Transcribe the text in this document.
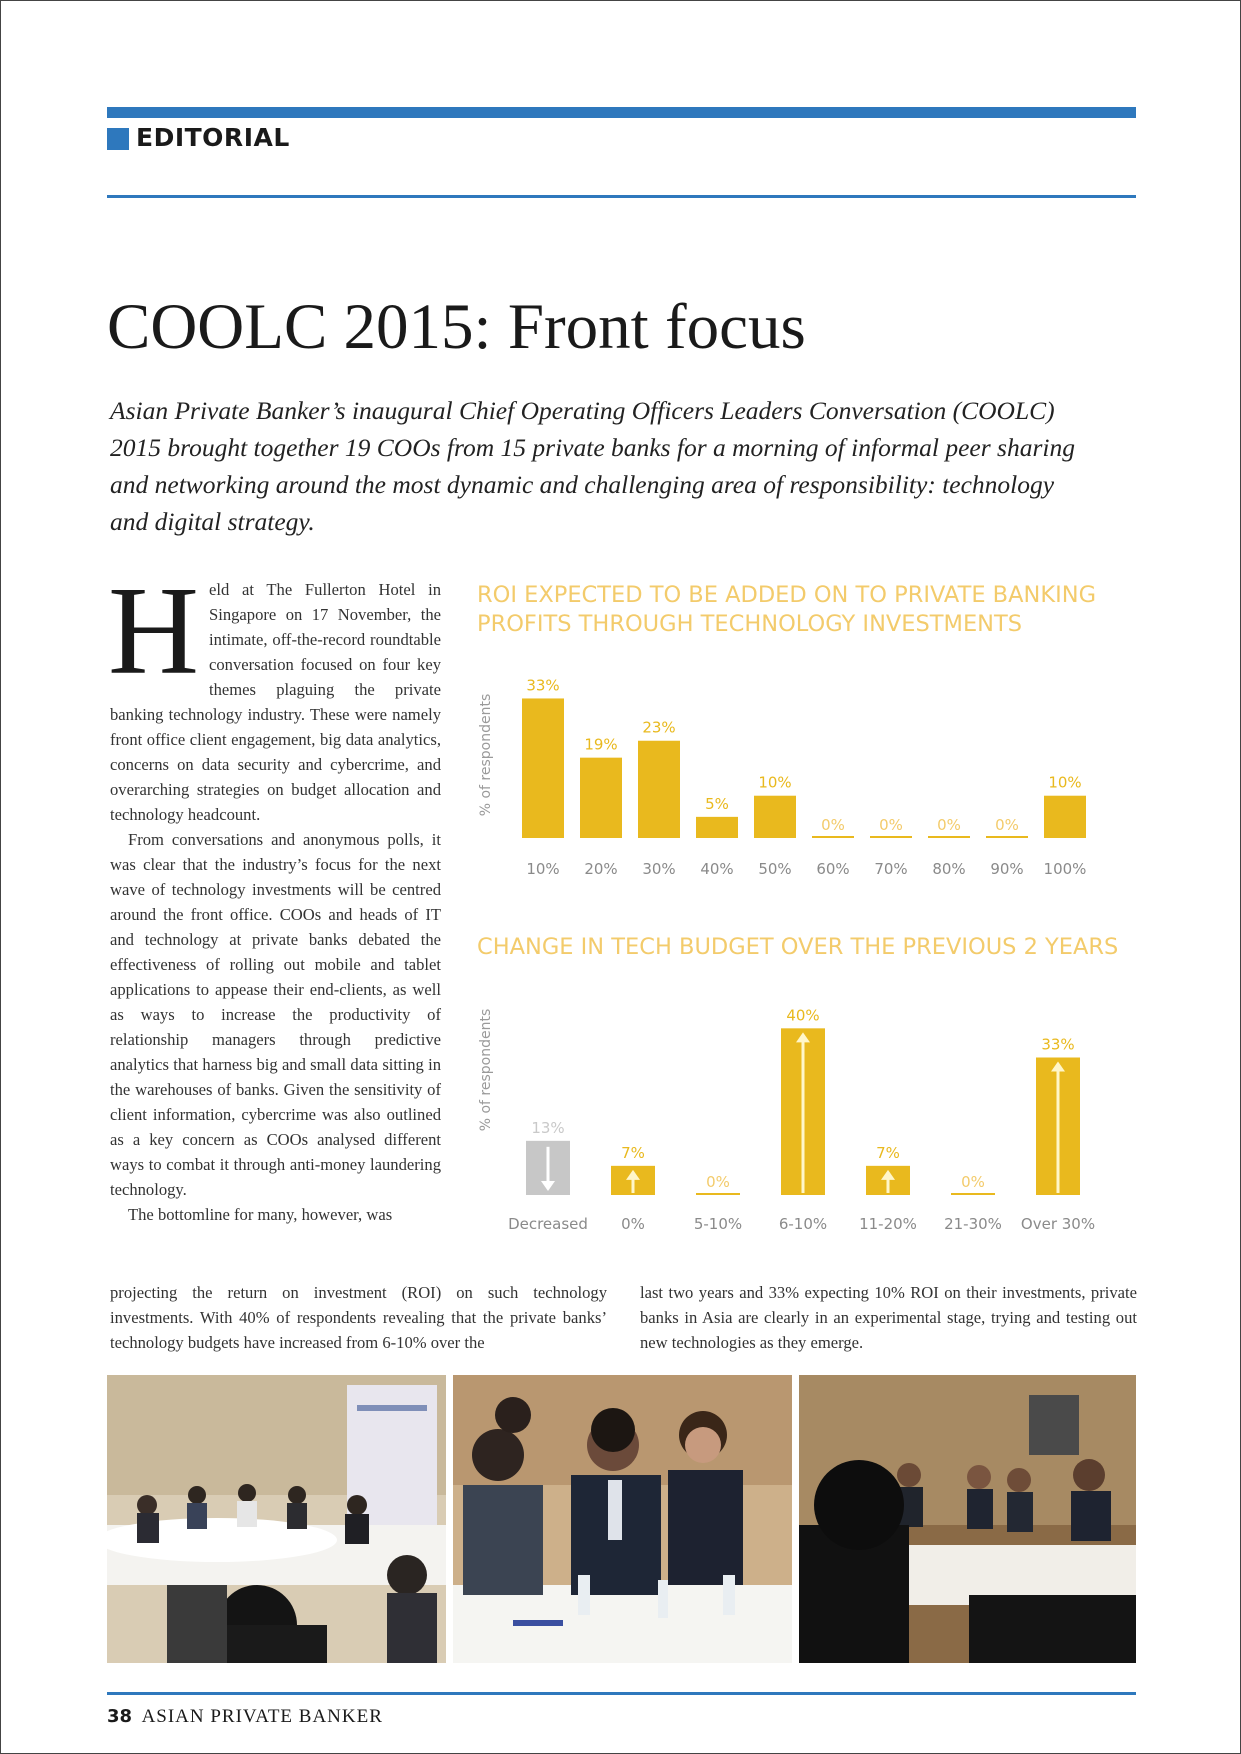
EDITORIAL
COOLC 2015: Front focus
Asian Private Banker’s inaugural Chief Operating Officers Leaders Conversation (COOLC) 2015 brought together 19 COOs from 15 private banks for a morning of informal peer sharing and networking around the most dynamic and challenging area of responsibility: technology and digital strategy.

Held at The Fullerton Hotel in Singapore on 17 November, the intimate, off-the-record roundtable conversation focused on four key themes plaguing the private banking technology industry. These were namely front office client engagement, big data analytics, concerns on data security and cybercrime, and overarching strategies on budget allocation and technology headcount.

From conversations and anonymous polls, it was clear that the industry’s focus for the next wave of technology investments will be centred around the front office. COOs and heads of IT and technology at private banks debated the effectiveness of rolling out mobile and tablet applications to appease their end-clients, as well as ways to increase the productivity of relationship managers through predictive analytics that harness big and small data sitting in the warehouses of banks. Given the sensitivity of client information, cybercrime was also outlined as a key concern as COOs analysed different ways to combat it through anti-money laundering technology.

The bottomline for many, however, was

projecting the return on investment (ROI) on such technology investments. With 40% of respondents revealing that the private banks’ technology budgets have increased from 6-10% over the

last two years and 33% expecting 10% ROI on their investments, private banks in Asia are clearly in an experimental stage, trying and testing out new technologies as they emerge.

ROI EXPECTED TO BE ADDED ON TO PRIVATE BANKING
PROFITS THROUGH TECHNOLOGY INVESTMENTS
% of respondents
33%
10%
19%
20%
23%
30%
5%
40%
10%
50%
0%
60%
0%
70%
0%
80%
0%
90%
10%
100%
CHANGE IN TECH BUDGET OVER THE PREVIOUS 2 YEARS
% of respondents 13%
Decreased
7%
0%
0%
5-10%
40%
6-10%
7%
11-20%
0%
21-30%
33%
Over 30%
38 ASIAN PRIVATE BANKER
